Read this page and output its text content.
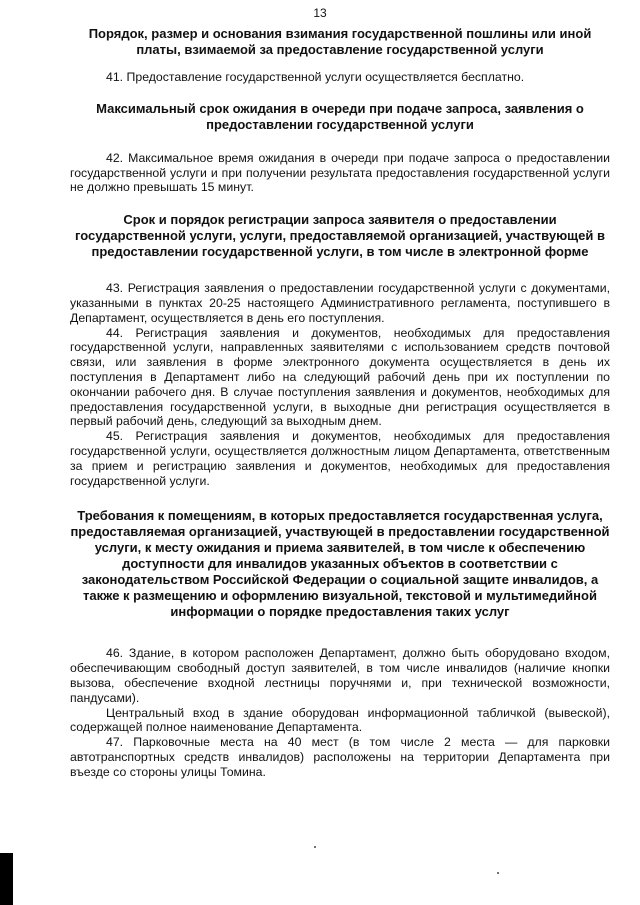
13

Порядок, размер и основания взимания государственной пошлины или иной платы, взимаемой за предоставление государственной услуги

41. Предоставление государственной услуги осуществляется бесплатно.

Максимальный срок ожидания в очереди при подаче запроса, заявления о предоставлении государственной услуги

42. Максимальное время ожидания в очереди при подаче запроса о предоставлении государственной услуги и при получении результата предоставления государственной услуги не должно превышать 15 минут.

Срок и порядок регистрации запроса заявителя о предоставлении государственной услуги, услуги, предоставляемой организацией, участвующей в предоставлении государственной услуги, в том числе в электронной форме

43. Регистрация заявления о предоставлении государственной услуги с документами, указанными в пунктах 20-25 настоящего Административного регламента, поступившего в Департамент, осуществляется в день его поступления.

44. Регистрация заявления и документов, необходимых для предоставления государственной услуги, направленных заявителями с использованием средств почтовой связи, или заявления в форме электронного документа осуществляется в день их поступления в Департамент либо на следующий рабочий день при их поступлении по окончании рабочего дня. В случае поступления заявления и документов, необходимых для предоставления государственной услуги, в выходные дни регистрация осуществляется в первый рабочий день, следующий за выходным днем.

45. Регистрация заявления и документов, необходимых для предоставления государственной услуги, осуществляется должностным лицом Департамента, ответственным за прием и регистрацию заявления и документов, необходимых для предоставления государственной услуги.

Требования к помещениям, в которых предоставляется государственная услуга, предоставляемая организацией, участвующей в предоставлении государственной услуги, к месту ожидания и приема заявителей, в том числе к обеспечению доступности для инвалидов указанных объектов в соответствии с законодательством Российской Федерации о социальной защите инвалидов, а также к размещению и оформлению визуальной, текстовой и мультимедийной информации о порядке предоставления таких услуг

46. Здание, в котором расположен Департамент, должно быть оборудовано входом, обеспечивающим свободный доступ заявителей, в том числе инвалидов (наличие кнопки вызова, обеспечение входной лестницы поручнями и, при технической возможности, пандусами).

Центральный вход в здание оборудован информационной табличкой (вывеской), содержащей полное наименование Департамента.

47. Парковочные места на 40 мест (в том числе 2 места — для парковки автотранспортных средств инвалидов) расположены на территории Департамента при въезде со стороны улицы Томина.
